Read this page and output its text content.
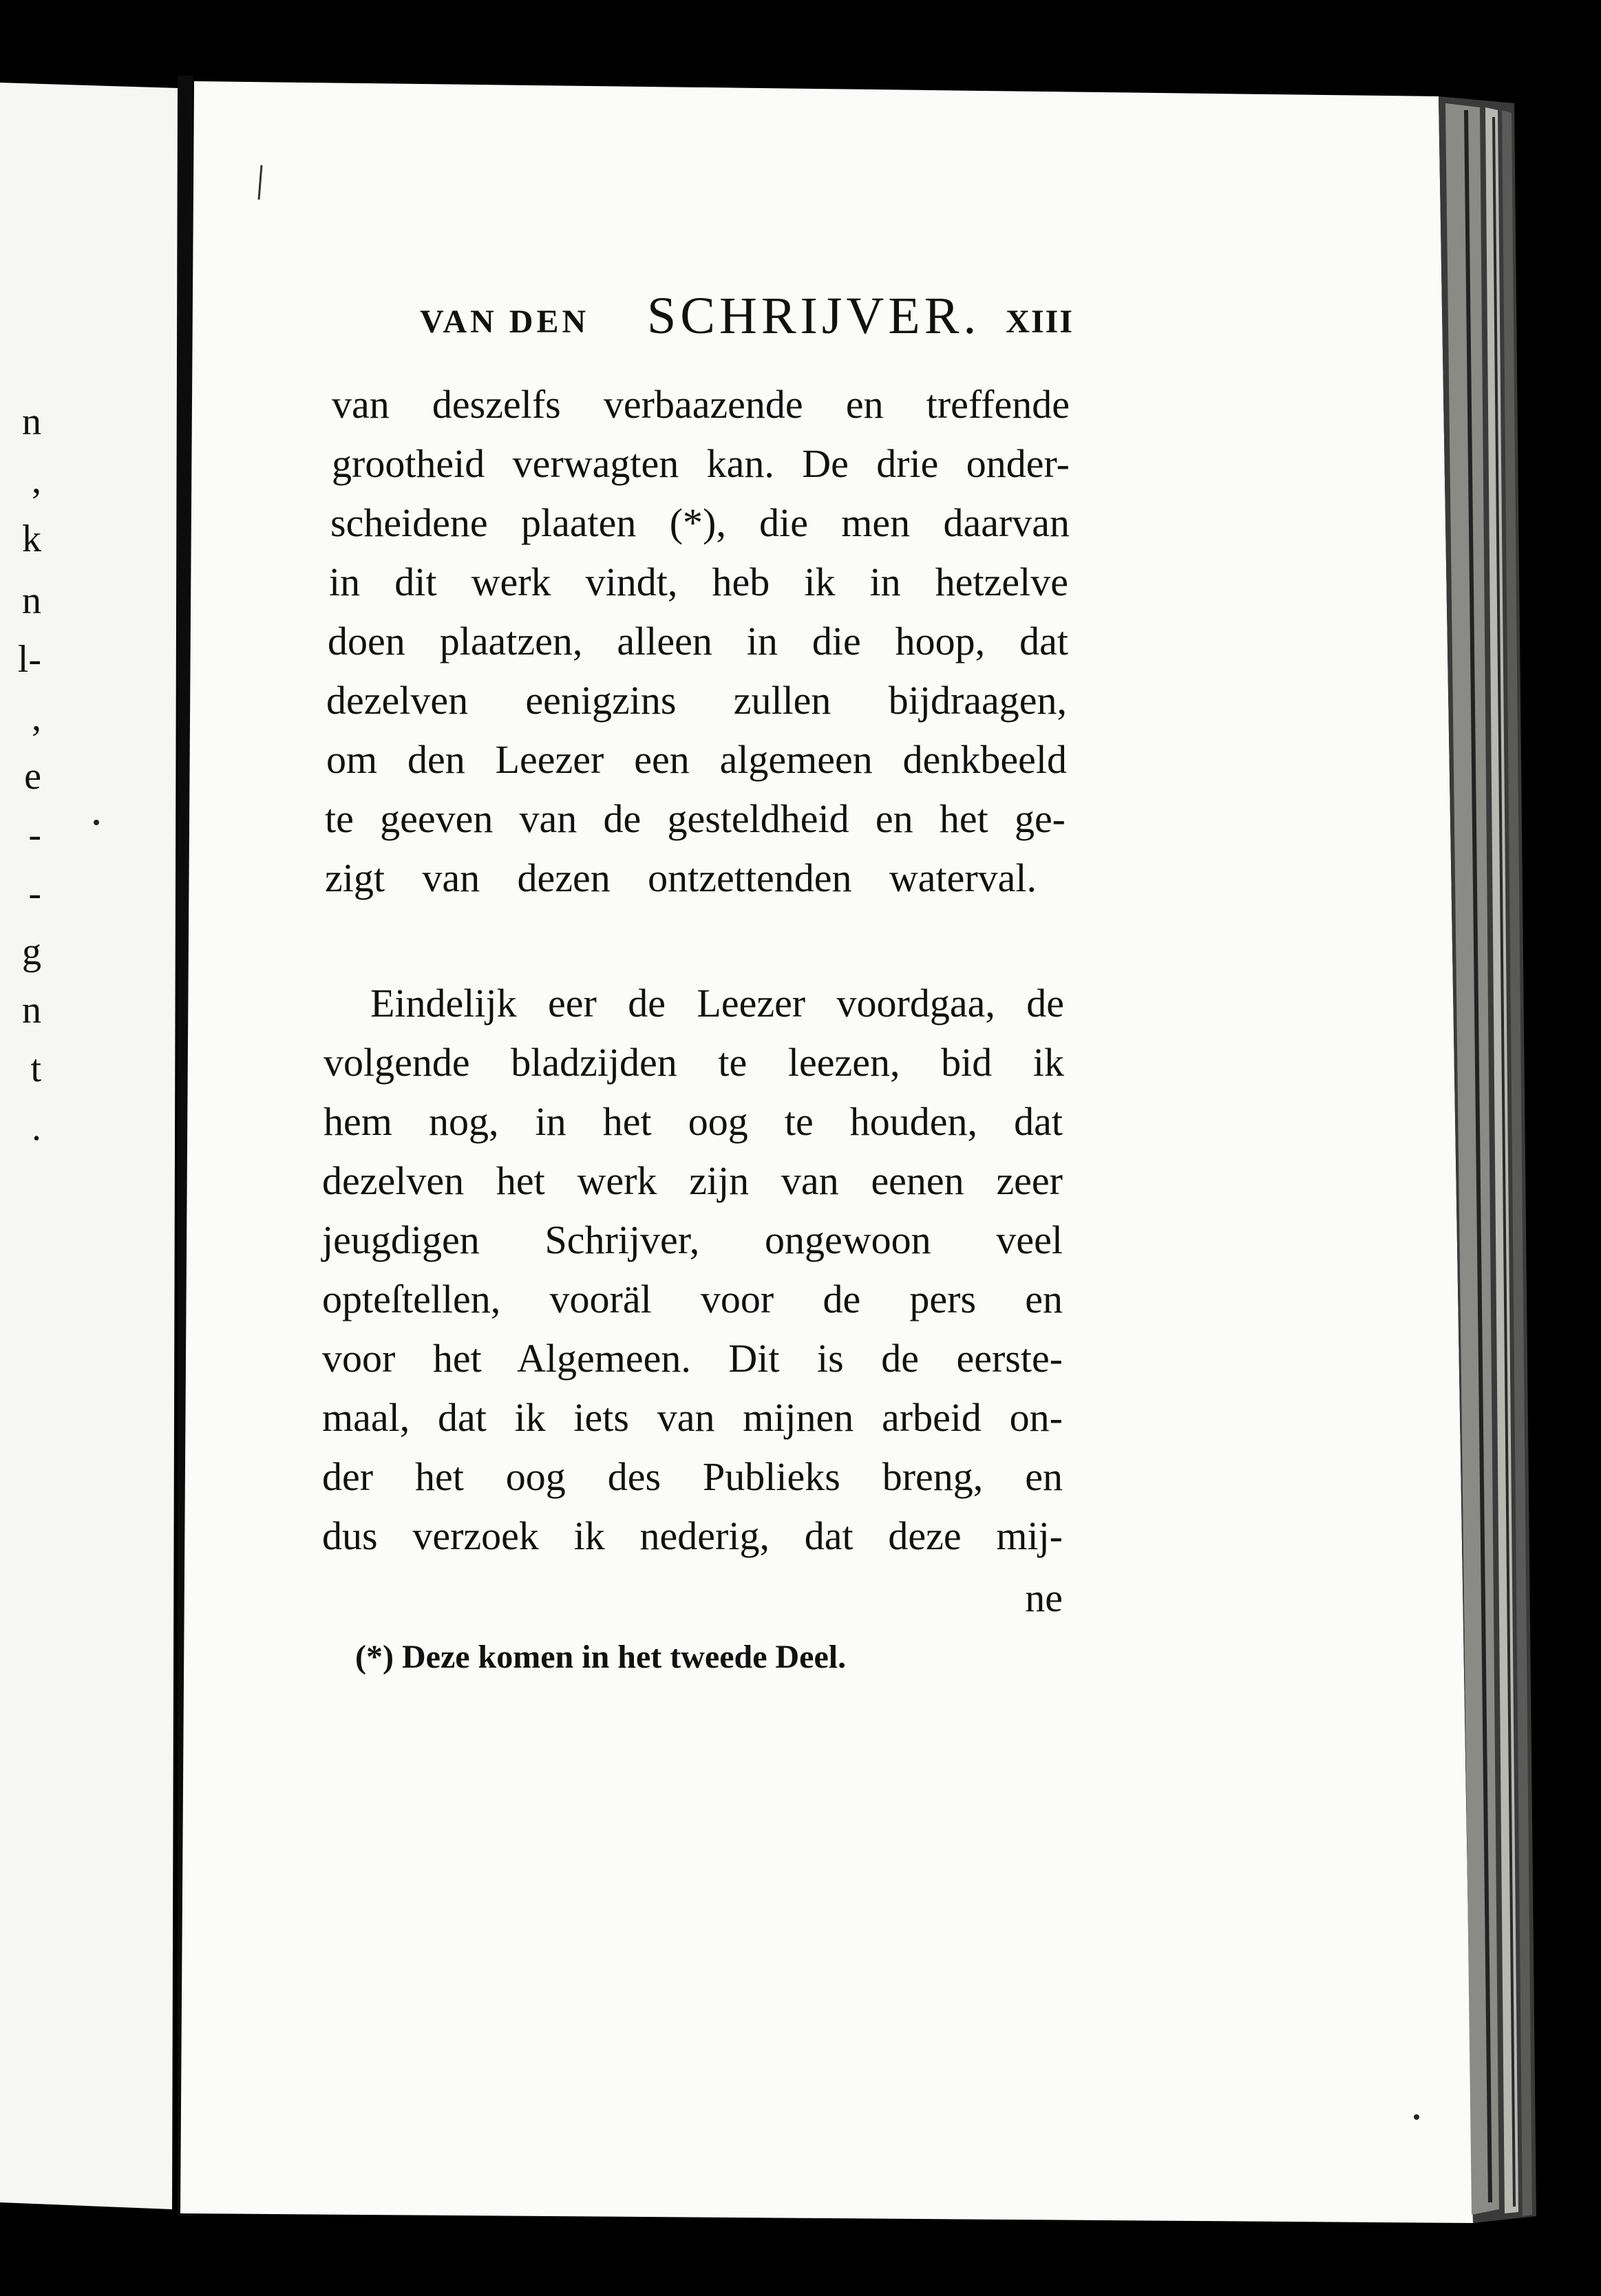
n
,
k
n
l-
,
e
-
-
g
n
t
.
VAN DEN SCHRIJVER. XIII
van deszelfs verbaazende en treffende
grootheid verwagten kan. De drie onder-
scheidene plaaten (*), die men daarvan
in dit werk vindt, heb ik in hetzelve
doen plaatzen, alleen in die hoop, dat
dezelven eenigzins zullen bijdraagen,
om den Leezer een algemeen denkbeeld
te geeven van de gesteldheid en het ge-
zigt van dezen ontzettenden waterval.
Eindelijk eer de Leezer voordgaa, de
volgende bladzijden te leezen, bid ik
hem nog, in het oog te houden, dat
dezelven het werk zijn van eenen zeer
jeugdigen Schrijver, ongewoon veel
opteſtellen, vooräl voor de pers en
voor het Algemeen. Dit is de eerste-
maal, dat ik iets van mijnen arbeid on-
der het oog des Publieks breng, en
dus verzoek ik nederig, dat deze mij-
ne
(*) Deze komen in het tweede Deel.
